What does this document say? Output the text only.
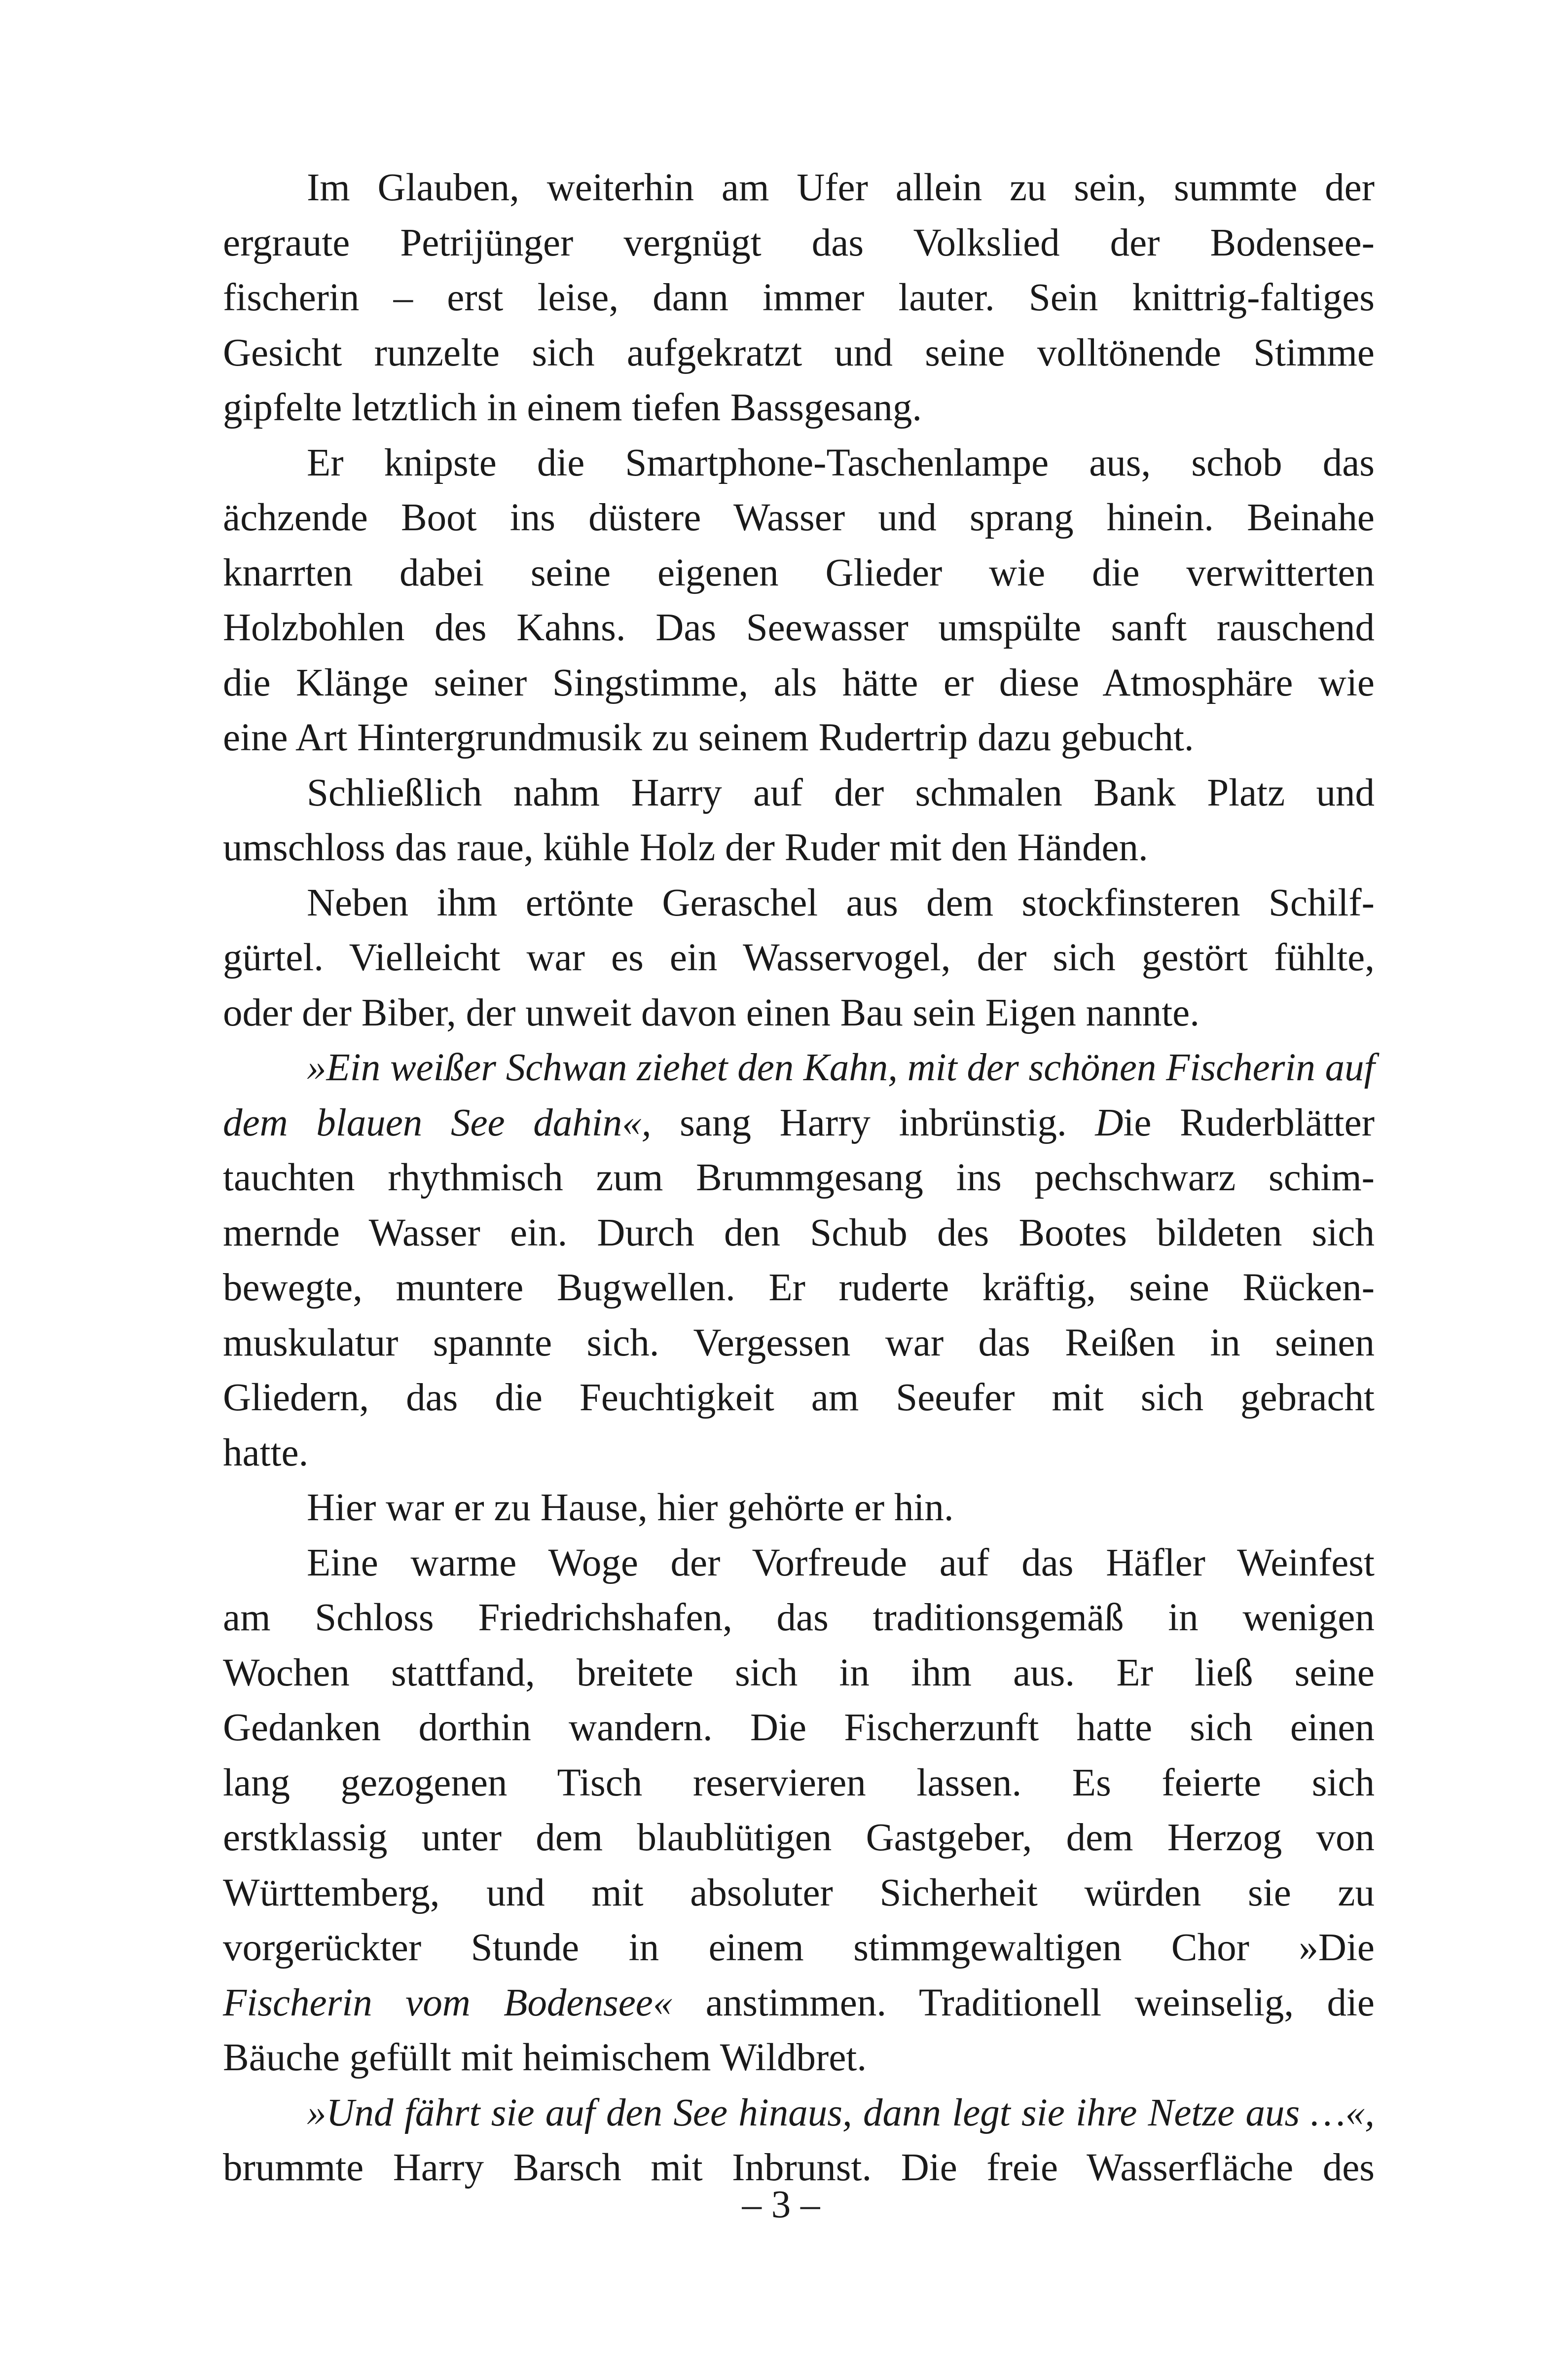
Im Glauben, weiterhin am Ufer allein zu sein, summte der
ergraute Petrijünger vergnügt das Volkslied der Bodensee-
fischerin – erst leise, dann immer lauter. Sein knittrig-faltiges
Gesicht runzelte sich aufgekratzt und seine volltönende Stimme
gipfelte letztlich in einem tiefen Bassgesang.
Er knipste die Smartphone-Taschenlampe aus, schob das
ächzende Boot ins düstere Wasser und sprang hinein. Beinahe
knarrten dabei seine eigenen Glieder wie die verwitterten
Holzbohlen des Kahns. Das Seewasser umspülte sanft rauschend
die Klänge seiner Singstimme, als hätte er diese Atmosphäre wie
eine Art Hintergrundmusik zu seinem Rudertrip dazu gebucht.
Schließlich nahm Harry auf der schmalen Bank Platz und
umschloss das raue, kühle Holz der Ruder mit den Händen.
Neben ihm ertönte Geraschel aus dem stockfinsteren Schilf-
gürtel. Vielleicht war es ein Wasservogel, der sich gestört fühlte,
oder der Biber, der unweit davon einen Bau sein Eigen nannte.
»Ein weißer Schwan ziehet den Kahn, mit der schönen Fischerin auf
dem blauen See dahin«, sang Harry inbrünstig. Die Ruderblätter
tauchten rhythmisch zum Brummgesang ins pechschwarz schim-
mernde Wasser ein. Durch den Schub des Bootes bildeten sich
bewegte, muntere Bugwellen. Er ruderte kräftig, seine Rücken-
muskulatur spannte sich. Vergessen war das Reißen in seinen
Gliedern, das die Feuchtigkeit am Seeufer mit sich gebracht
hatte.
Hier war er zu Hause, hier gehörte er hin.
Eine warme Woge der Vorfreude auf das Häfler Weinfest
am Schloss Friedrichshafen, das traditionsgemäß in wenigen
Wochen stattfand, breitete sich in ihm aus. Er ließ seine
Gedanken dorthin wandern. Die Fischerzunft hatte sich einen
lang gezogenen Tisch reservieren lassen. Es feierte sich
erstklassig unter dem blaublütigen Gastgeber, dem Herzog von
Württemberg, und mit absoluter Sicherheit würden sie zu
vorgerückter Stunde in einem stimmgewaltigen Chor »Die
Fischerin vom Bodensee« anstimmen. Traditionell weinselig, die
Bäuche gefüllt mit heimischem Wildbret.
»Und fährt sie auf den See hinaus, dann legt sie ihre Netze aus …«,
brummte Harry Barsch mit Inbrunst. Die freie Wasserfläche des
– 3 –
